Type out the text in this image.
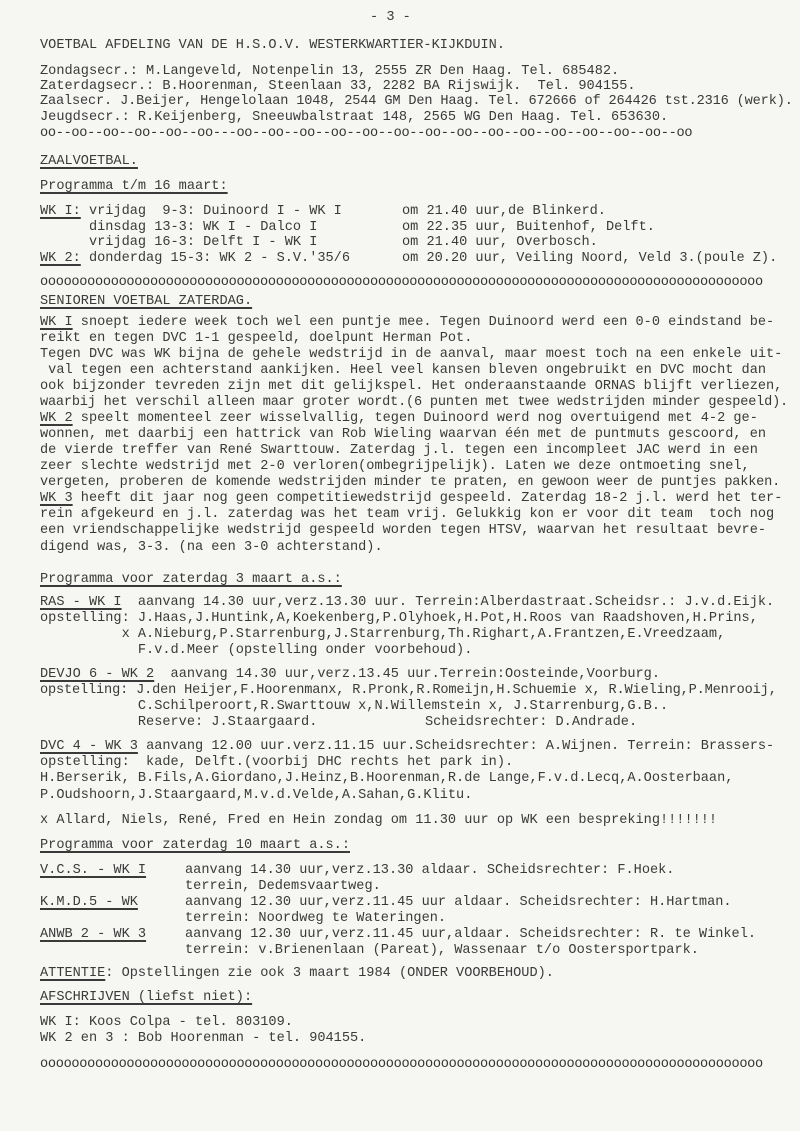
- 3 -
VOETBAL AFDELING VAN DE H.S.O.V. WESTERKWARTIER-KIJKDUIN.
Zondagsecr.: M.Langeveld, Notenpelin 13, 2555 ZR Den Haag. Tel. 685482.
Zaterdagsecr.: B.Hoorenman, Steenlaan 33, 2282 BA Rijswijk.  Tel. 904155.
Zaalsecr. J.Beijer, Hengelolaan 1048, 2544 GM Den Haag. Tel. 672666 of 264426 tst.2316 (werk).
Jeugdsecr.: R.Keijenberg, Sneeuwbalstraat 148, 2565 WG Den Haag. Tel. 653630.
oo--oo--oo--oo--oo--oo---oo--oo--oo--oo--oo--oo--oo--oo--oo--oo--oo--oo--oo--oo--oo
ZAALVOETBAL.
Programma t/m 16 maart:
WK I: vrijdag  9-3: Duinoord I - WK I	om 21.40 uur,de Blinkerd.
dinsdag 13-3: WK I - Dalco I	om 22.35 uur, Buitenhof, Delft.
vrijdag 16-3: Delft I - WK I	om 21.40 uur, Overbosch.
WK 2: donderdag 15-3: WK 2 - S.V.'35/6	om 20.20 uur, Veiling Noord, Veld 3.(poule Z).
oooooooooooooooooooooooooooooooooooooooooooooooooooooooooooooooooooooooooooooooooooooooooooo
SENIOREN VOETBAL ZATERDAG.
WK I snoept iedere week toch wel een puntje mee. Tegen Duinoord werd een 0-0 eindstand be-
reikt en tegen DVC 1-1 gespeeld, doelpunt Herman Pot.
Tegen DVC was WK bijna de gehele wedstrijd in de aanval, maar moest toch na een enkele uit-
val tegen een achterstand aankijken. Heel veel kansen bleven ongebruikt en DVC mocht dan
ook bijzonder tevreden zijn met dit gelijkspel. Het onderaanstaande ORNAS blijft verliezen,
waarbij het verschil alleen maar groter wordt.(6 punten met twee wedstrijden minder gespeeld).
WK 2 speelt momenteel zeer wisselvallig, tegen Duinoord werd nog overtuigend met 4-2 ge-
wonnen, met daarbij een hattrick van Rob Wieling waarvan één met de puntmuts gescoord, en
de vierde treffer van René Swarttouw. Zaterdag j.l. tegen een incompleet JAC werd in een
zeer slechte wedstrijd met 2-0 verloren(ombegrijpelijk). Laten we deze ontmoeting snel,
vergeten, proberen de komende wedstrijden minder te praten, en gewoon weer de puntjes pakken.
WK 3 heeft dit jaar nog geen competitiewedstrijd gespeeld. Zaterdag 18-2 j.l. werd het ter-
rein afgekeurd en j.l. zaterdag was het team vrij. Gelukkig kon er voor dit team  toch nog
een vriendschappelijke wedstrijd gespeeld worden tegen HTSV, waarvan het resultaat bevre-
digend was, 3-3. (na een 3-0 achterstand).
Programma voor zaterdag 3 maart a.s.:
RAS - WK I  aanvang 14.30 uur,verz.13.30 uur. Terrein:Alberdastraat.Scheidsr.: J.v.d.Eijk.
opstelling: J.Haas,J.Huntink,A,Koekenberg,P.Olyhoek,H.Pot,H.Roos van Raadshoven,H.Prins,
x A.Nieburg,P.Starrenburg,J.Starrenburg,Th.Righart,A.Frantzen,E.Vreedzaam,
F.v.d.Meer (opstelling onder voorbehoud).
DEVJO 6 - WK 2  aanvang 14.30 uur,verz.13.45 uur.Terrein:Oosteinde,Voorburg.
opstelling: J.den Heijer,F.Hoorenmanx, R.Pronk,R.Romeijn,H.Schuemie x, R.Wieling,P.Menrooij,
C.Schilperoort,R.Swarttouw x,N.Willemstein x, J.Starrenburg,G.B..
Reserve: J.Staargaard.	Scheidsrechter: D.Andrade.
DVC 4 - WK 3 aanvang 12.00 uur.verz.11.15 uur.Scheidsrechter: A.Wijnen. Terrein: Brassers-
opstelling:  kade, Delft.(voorbij DHC rechts het park in).
H.Berserik, B.Fils,A.Giordano,J.Heinz,B.Hoorenman,R.de Lange,F.v.d.Lecq,A.Oosterbaan,
P.Oudshoorn,J.Staargaard,M.v.d.Velde,A.Sahan,G.Klitu.
x Allard, Niels, René, Fred en Hein zondag om 11.30 uur op WK een bespreking!!!!!!!
Programma voor zaterdag 10 maart a.s.:
V.C.S. - WK I	aanvang 14.30 uur,verz.13.30 aldaar. SCheidsrechter: F.Hoek.
terrein, Dedemsvaartweg.
K.M.D.5 - WK	aanvang 12.30 uur,verz.11.45 uur aldaar. Scheidsrechter: H.Hartman.
terrein: Noordweg te Wateringen.
ANWB 2 - WK 3	aanvang 12.30 uur,verz.11.45 uur,aldaar. Scheidsrechter: R. te Winkel.
terrein: v.Brienenlaan (Pareat), Wassenaar t/o Oostersportpark.
ATTENTIE: Opstellingen zie ook 3 maart 1984 (ONDER VOORBEHOUD).
AFSCHRIJVEN (liefst niet):
WK I: Koos Colpa - tel. 803109.
WK 2 en 3 : Bob Hoorenman - tel. 904155.
oooooooooooooooooooooooooooooooooooooooooooooooooooooooooooooooooooooooooooooooooooooooooooo
